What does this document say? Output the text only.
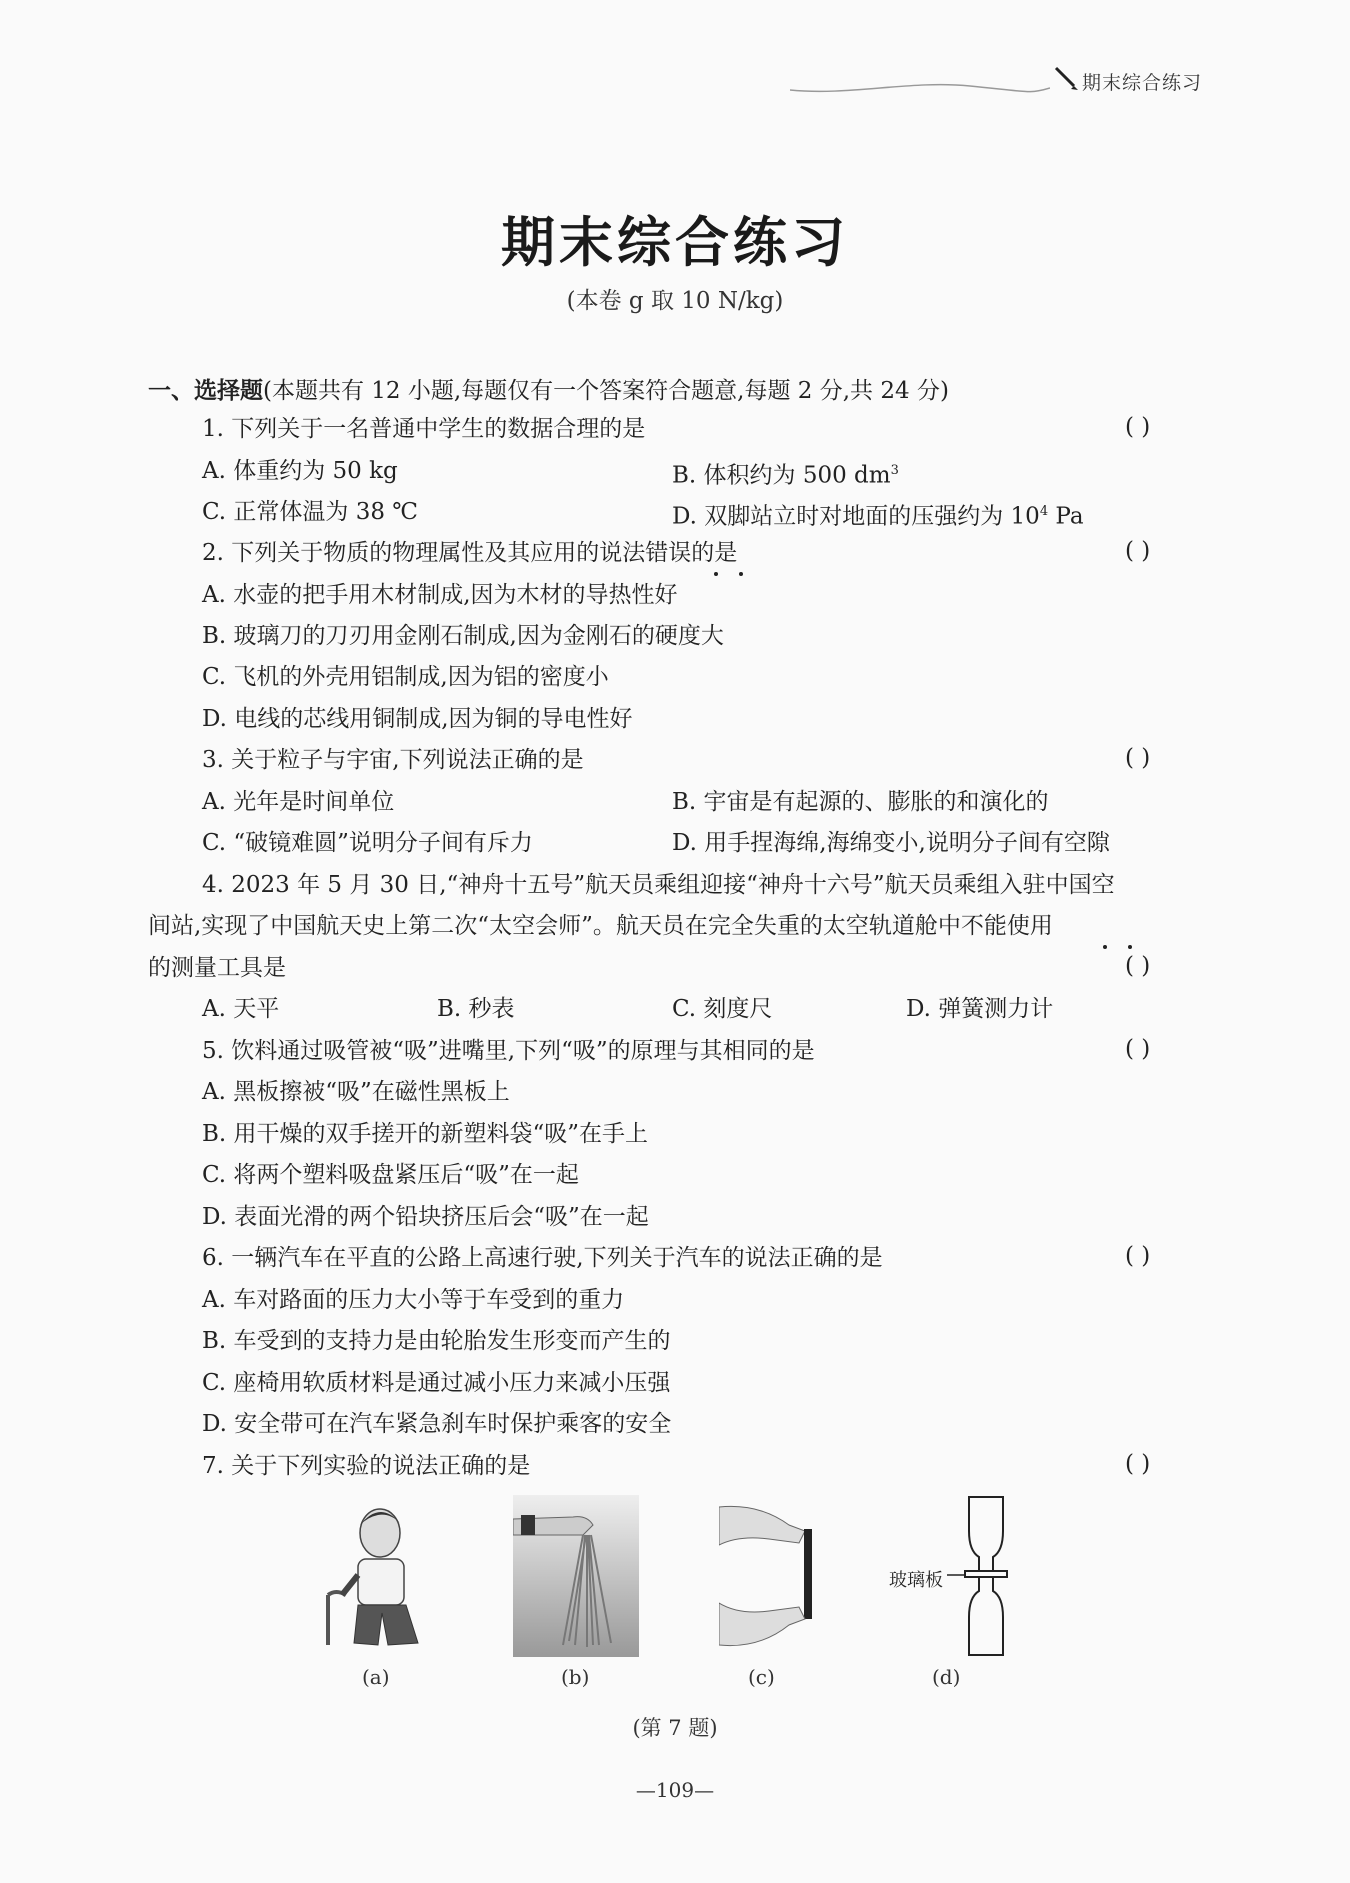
期末综合练习
期末综合练习
(本卷 g 取 10 N/kg)
一、选择题(本题共有 12 小题,每题仅有一个答案符合题意,每题 2 分,共 24 分)
1. 下列关于一名普通中学生的数据合理的是	( )
A. 体重约为 50 kg	B. 体积约为 500 $dm^3$
C. 正常体温为 38 ℃	D. 双脚站立时对地面的压强约为 $10^4$ Pa
2. 下列关于物质的物理属性及其应用的说法错误的是	( )
A. 水壶的把手用木材制成,因为木材的导热性好
B. 玻璃刀的刀刃用金刚石制成,因为金刚石的硬度大
C. 飞机的外壳用铝制成,因为铝的密度小
D. 电线的芯线用铜制成,因为铜的导电性好
3. 关于粒子与宇宙,下列说法正确的是	( )
A. 光年是时间单位	B. 宇宙是有起源的、膨胀的和演化的
C. “破镜难圆”说明分子间有斥力	D. 用手捏海绵,海绵变小,说明分子间有空隙
4. 2023 年 5 月 30 日,“神舟十五号”航天员乘组迎接“神舟十六号”航天员乘组入驻中国空
间站,实现了中国航天史上第二次“太空会师”。航天员在完全失重的太空轨道舱中不能使用
的测量工具是	( )
A. 天平	B. 秒表	C. 刻度尺	D. 弹簧测力计
5. 饮料通过吸管被“吸”进嘴里,下列“吸”的原理与其相同的是	( )
A. 黑板擦被“吸”在磁性黑板上
B. 用干燥的双手搓开的新塑料袋“吸”在手上
C. 将两个塑料吸盘紧压后“吸”在一起
D. 表面光滑的两个铅块挤压后会“吸”在一起
6. 一辆汽车在平直的公路上高速行驶,下列关于汽车的说法正确的是	( )
A. 车对路面的压力大小等于车受到的重力
B. 车受到的支持力是由轮胎发生形变而产生的
C. 座椅用软质材料是通过减小压力来减小压强
D. 安全带可在汽车紧急刹车时保护乘客的安全
7. 关于下列实验的说法正确的是	( )
(a)	(b)	(c)
玻璃板
(d)
(第 7 题)
—109—
